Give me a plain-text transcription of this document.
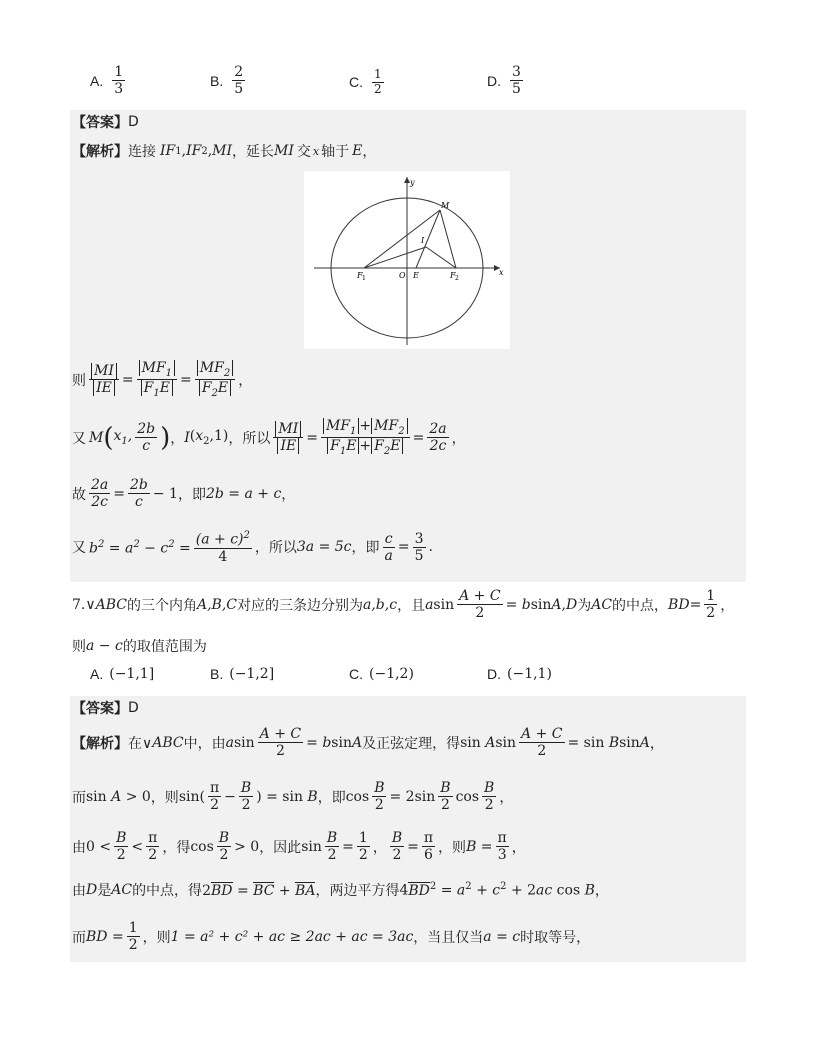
A. $\frac{1}{3}$	B. $\frac{2}{5}$	C. $\frac{1}{2}$	D. $\frac{3}{5}$
【答案】 D
【解析】 连接 IF 1 , IF 2 , MI ，延长 MI 交 x 轴于 E ，
y
x
M
I
F 1	O E	F 2
则 $\frac{MI}{IE} = \frac{MF_1}{F_1E} = \frac{MF_2}{F_2E}$ ，
又 M ( $x_1$, $\frac{2b}{c}$ ) ， I $(x_2,1)$ ，所以 $\frac{MI}{IE} = \frac{MF_1 + MF_2}{F_1E + F_2E} = \frac{2a}{2c}$ ，
故 $\frac{2a}{2c} = \frac{2b}{c} - 1$ ，即 2b = a + c ，
又 $b^2 = a^2 - c^2 = \frac{(a + c)^2}{4}$ ，所以 3a = 5c ，即 $\frac{c}{a} = \frac{3}{5}$ .
7.∨ ABC 的三个内角 A,B,C 对应的三条边分别为 a,b,c ，且 a $\sin \frac{A + C}{2} = bsinA,D$ 为 AC 的中点， BD = $\frac{1}{2}$ ，
则 a − c 的取值范围为
A. (−1,1]	B. (−1,2]	C. (−1,2)	D. (−1,1)
【答案】 D
【解析】 在∨ ABC 中，由 asin $\frac{A + C}{2} = bsinA$ 及正弦定理，得 sin Asin $\frac{A + C}{2} = \sin BsinA$ ，
而 sin A > 0 ，则 $\sin( \frac{\pi}{2} - \frac{B}{2}$ ) = sin B ，即 $\cos \frac{B}{2} = 2\sin \frac{B}{2}$ $\cos \frac{B}{2}$ ，
由 $0 < \frac{B}{2} < \frac{\pi}{2}$ ，得 $\cos \frac{B}{2} > 0$ ，因此 $\sin \frac{B}{2} = \frac{1}{2}$ ， $\frac{B}{2} = \frac{\pi}{6}$ ，则 $B = \frac{\pi}{3}$ ，
由 D 是 AC 的中点，得 2BD = BC + BA ，两边平方得 $4BD^2 = a^2 + c^2 + 2ac$ cos B ，
而 BD = $\frac{1}{2}$ ，则 1 = a² + c² + ac ≥ 2ac + ac = 3ac ，当且仅当 a = c 时取等号，
